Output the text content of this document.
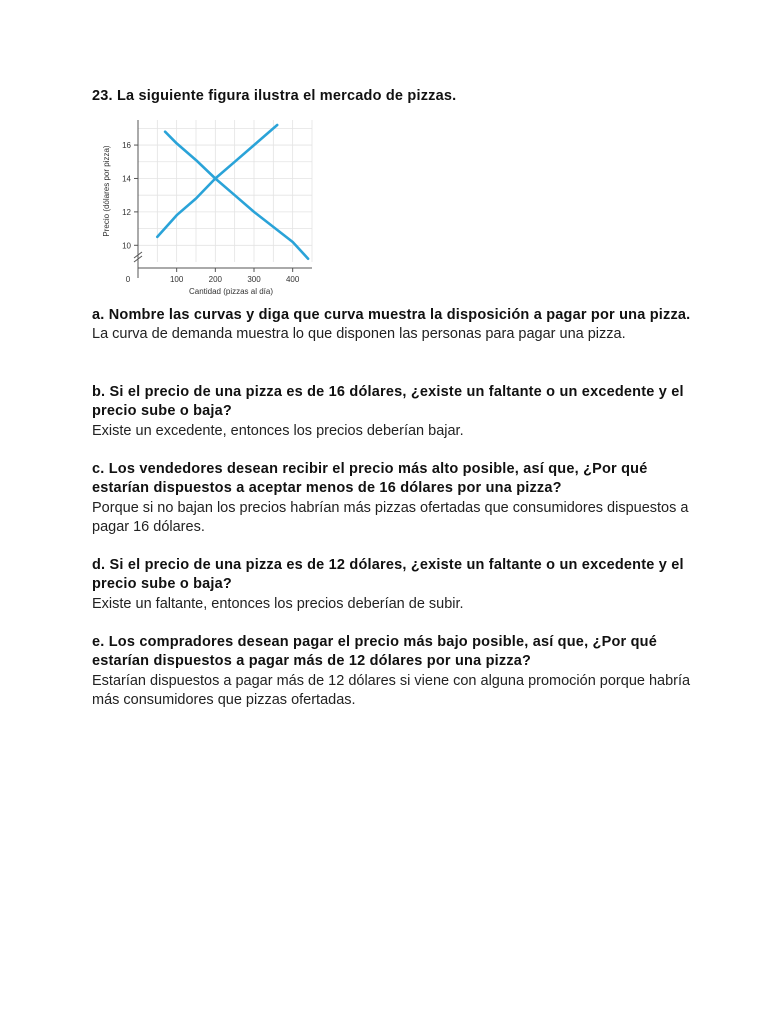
23. La siguiente figura ilustra el mercado de pizzas.
10
12
14
16
0	100	200	300	400
Cantidad (pizzas al día)
Precio (dólares por pizza)

a. Nombre las curvas y diga que curva muestra la disposición a pagar por una pizza.

La curva de demanda muestra lo que disponen las personas para pagar una pizza.

b. Si el precio de una pizza es de 16 dólares, ¿existe un faltante o un excedente y el precio sube o baja?

Existe un excedente, entonces los precios deberían bajar.

c. Los vendedores desean recibir el precio más alto posible, así que, ¿Por qué estarían dispuestos a aceptar menos de 16 dólares por una pizza?

Porque si no bajan los precios habrían más pizzas ofertadas que consumidores dispuestos a pagar 16 dólares.

d. Si el precio de una pizza es de 12 dólares, ¿existe un faltante o un excedente y el precio sube o baja?

Existe un faltante, entonces los precios deberían de subir.

e. Los compradores desean pagar el precio más bajo posible, así que, ¿Por qué estarían dispuestos a pagar más de 12 dólares por una pizza?

Estarían dispuestos a pagar más de 12 dólares si viene con alguna promoción porque habría más consumidores que pizzas ofertadas.
